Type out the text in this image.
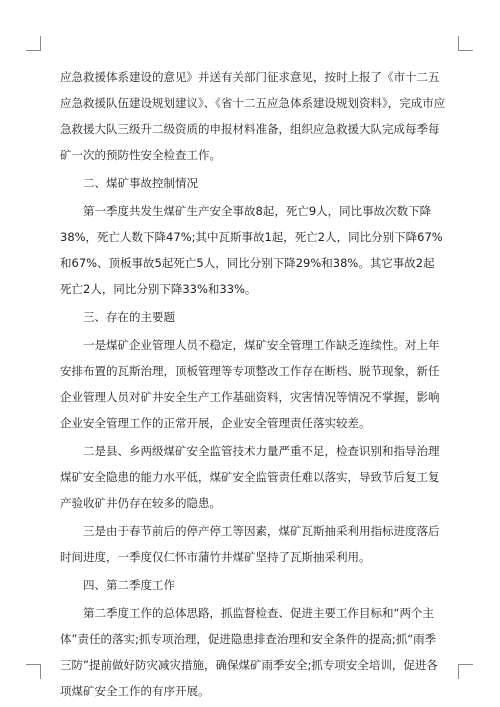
应急救援体系建设的意见》并送有关部门征求意见，按时上报了《市十二五应急救援队伍建设规划建议》、《省十二五应急体系建设规划资料》，完成市应急救援大队三级升二级资质的申报材料准备，组织应急救援大队完成每季每矿一次的预防性安全检查工作。

二、煤矿事故控制情况

第一季度共发生煤矿生产安全事故8起，死亡9人，同比事故次数下降38%，死亡人数下降47%;其中瓦斯事故1起，死亡2人，同比分别下降67%和67%、顶板事故5起死亡5人，同比分别下降29%和38%。其它事故2起死亡2人，同比分别下降33%和33%。

三、存在的主要题

一是煤矿企业管理人员不稳定，煤矿安全管理工作缺乏连续性。对上年安排布置的瓦斯治理，顶板管理等专项整改工作存在断档、脱节现象，新任企业管理人员对矿井安全生产工作基础资料，灾害情况等情况不掌握，影响企业安全管理工作的正常开展，企业安全管理责任落实较差。

二是县、乡两级煤矿安全监管技术力量严重不足，检查识别和指导治理煤矿安全隐患的能力水平低，煤矿安全监管责任难以落实，导致节后复工复产验收矿井仍存在较多的隐患。

三是由于春节前后的停产停工等因素，煤矿瓦斯抽采利用指标进度落后时间进度，一季度仅仁怀市蒲竹井煤矿坚持了瓦斯抽采利用。

四、第二季度工作

第二季度工作的总体思路，抓监督检查、促进主要工作目标和“两个主体”责任的落实;抓专项治理，促进隐患排查治理和安全条件的提高;抓“雨季三防”提前做好防灾减灾措施，确保煤矿雨季安全;抓专项安全培训，促进各项煤矿安全工作的有序开展。
